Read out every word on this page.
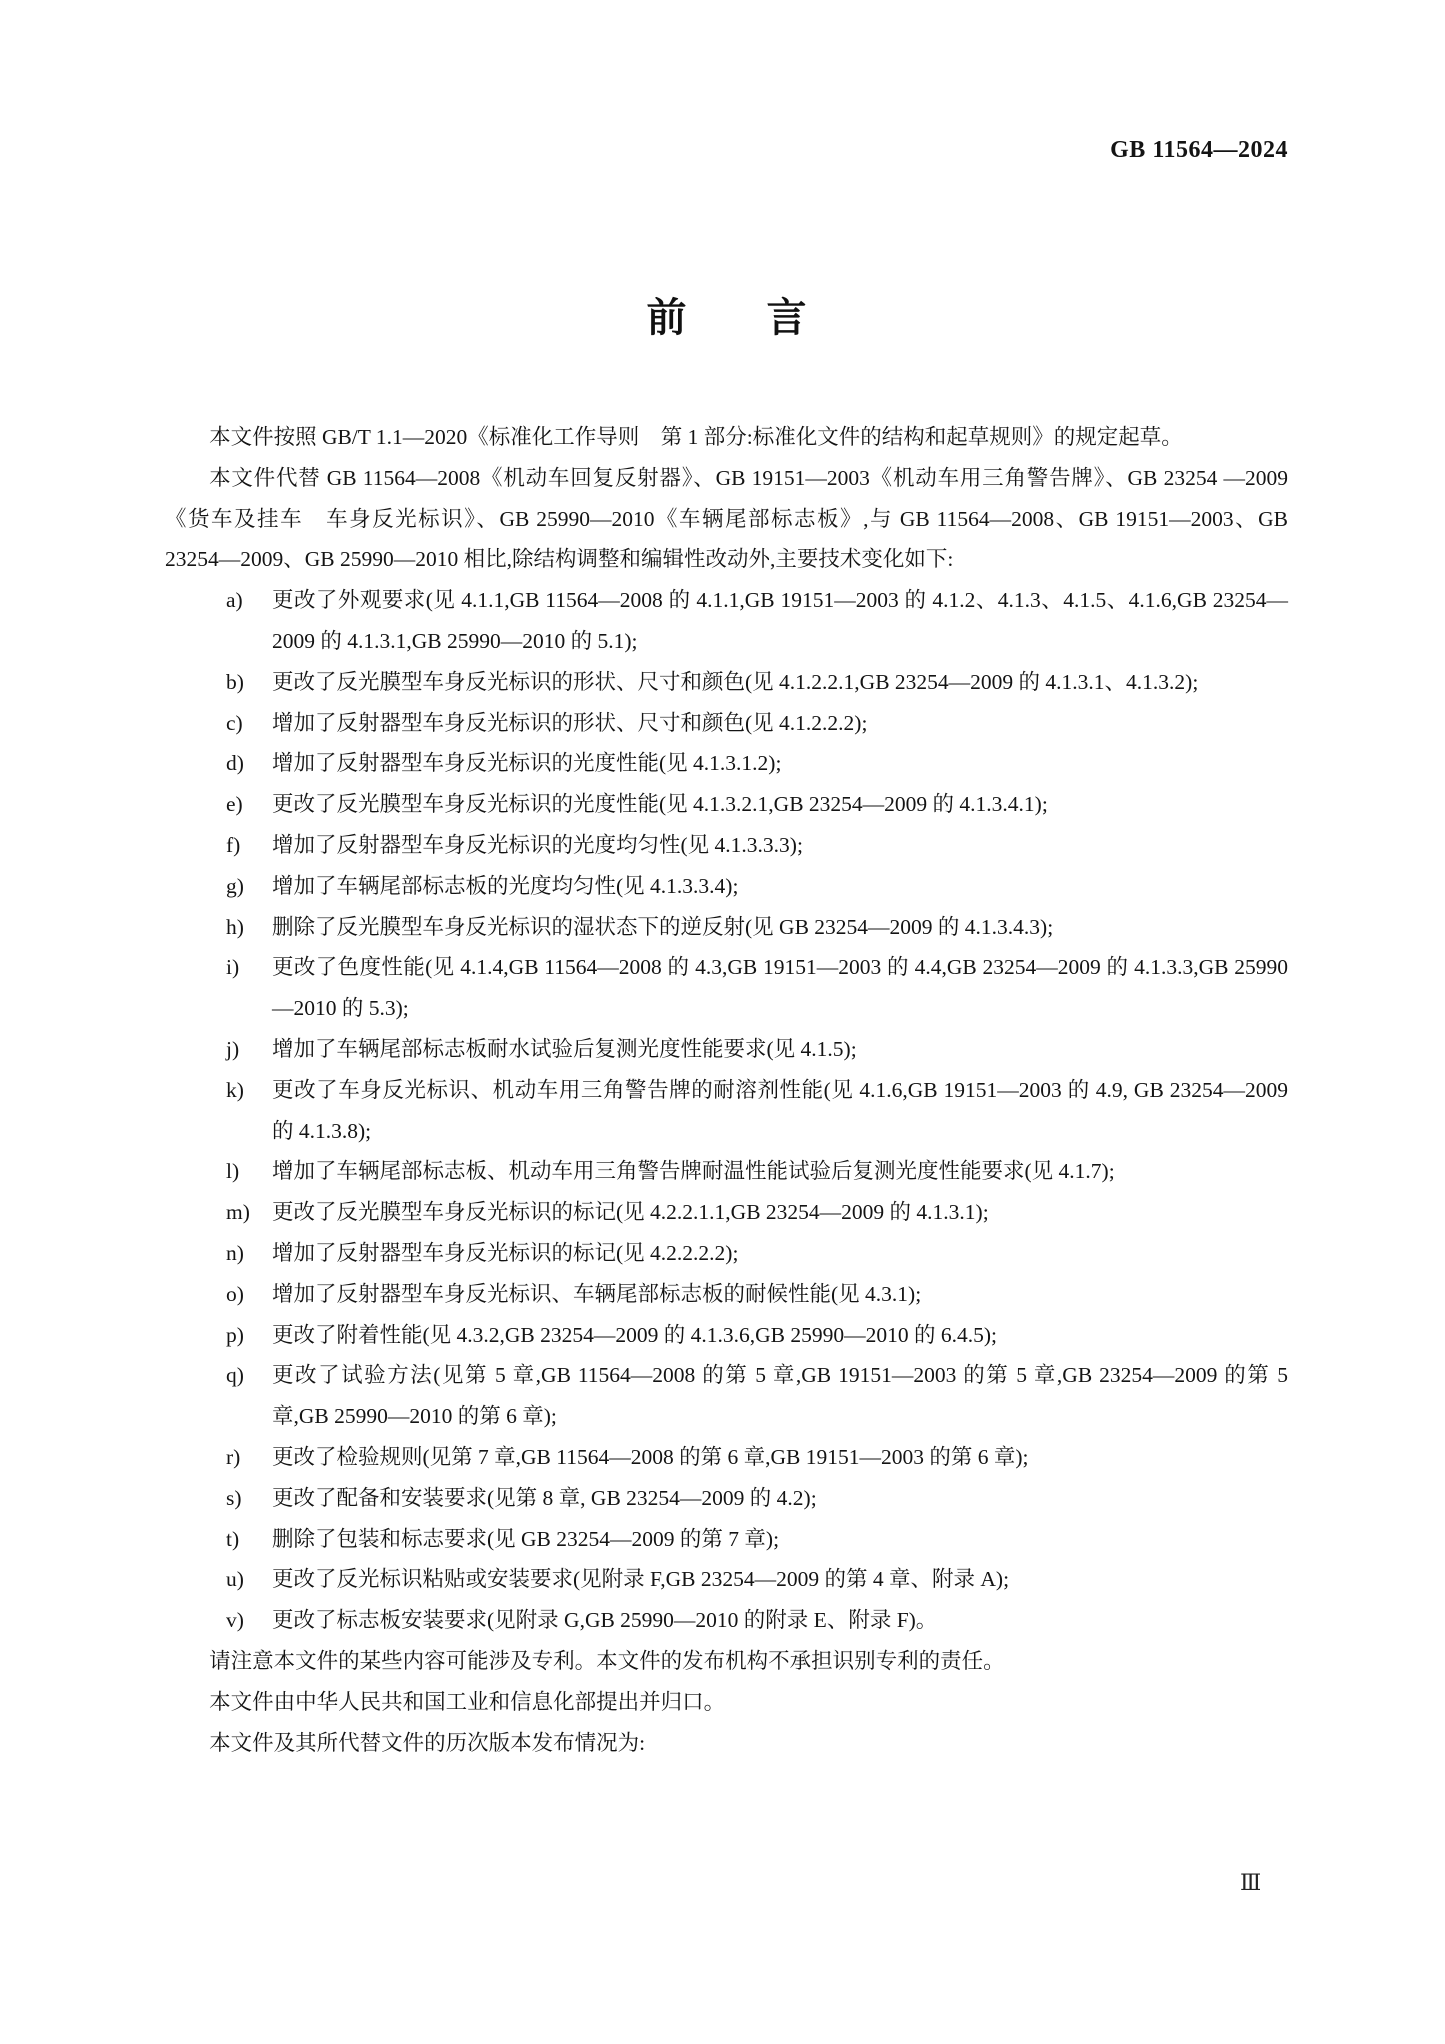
GB 11564—2024
前　　言

本文件按照 GB/T 1.1—2020《标准化工作导则　第 1 部分:标准化文件的结构和起草规则》的规定起草。

本文件代替 GB 11564—2008《机动车回复反射器》、GB 19151—2003《机动车用三角警告牌》、GB 23254 —2009《货车及挂车　车身反光标识》、GB 25990—2010《车辆尾部标志板》,与 GB 11564—2008、GB 19151—2003、GB 23254—2009、GB 25990—2010 相比,除结构调整和编辑性改动外,主要技术变化如下:

a) 更改了外观要求(见 4.1.1,GB 11564—2008 的 4.1.1,GB 19151—2003 的 4.1.2、4.1.3、4.1.5、4.1.6,GB 23254—2009 的 4.1.3.1,GB 25990—2010 的 5.1);
b) 更改了反光膜型车身反光标识的形状、尺寸和颜色(见 4.1.2.2.1,GB 23254—2009 的 4.1.3.1、4.1.3.2);
c) 增加了反射器型车身反光标识的形状、尺寸和颜色(见 4.1.2.2.2);
d) 增加了反射器型车身反光标识的光度性能(见 4.1.3.1.2);
e) 更改了反光膜型车身反光标识的光度性能(见 4.1.3.2.1,GB 23254—2009 的 4.1.3.4.1);
f) 增加了反射器型车身反光标识的光度均匀性(见 4.1.3.3.3);
g) 增加了车辆尾部标志板的光度均匀性(见 4.1.3.3.4);
h) 删除了反光膜型车身反光标识的湿状态下的逆反射(见 GB 23254—2009 的 4.1.3.4.3);
i) 更改了色度性能(见 4.1.4,GB 11564—2008 的 4.3,GB 19151—2003 的 4.4,GB 23254—2009 的 4.1.3.3,GB 25990—2010 的 5.3);
j) 增加了车辆尾部标志板耐水试验后复测光度性能要求(见 4.1.5);
k) 更改了车身反光标识、机动车用三角警告牌的耐溶剂性能(见 4.1.6,GB 19151—2003 的 4.9, GB 23254—2009 的 4.1.3.8);
l) 增加了车辆尾部标志板、机动车用三角警告牌耐温性能试验后复测光度性能要求(见 4.1.7);
m) 更改了反光膜型车身反光标识的标记(见 4.2.2.1.1,GB 23254—2009 的 4.1.3.1);
n) 增加了反射器型车身反光标识的标记(见 4.2.2.2.2);
o) 增加了反射器型车身反光标识、车辆尾部标志板的耐候性能(见 4.3.1);
p) 更改了附着性能(见 4.3.2,GB 23254—2009 的 4.1.3.6,GB 25990—2010 的 6.4.5);
q) 更改了试验方法(见第 5 章,GB 11564—2008 的第 5 章,GB 19151—2003 的第 5 章,GB 23254—2009 的第 5 章,GB 25990—2010 的第 6 章);
r) 更改了检验规则(见第 7 章,GB 11564—2008 的第 6 章,GB 19151—2003 的第 6 章);
s) 更改了配备和安装要求(见第 8 章, GB 23254—2009 的 4.2);
t) 删除了包装和标志要求(见 GB 23254—2009 的第 7 章);
u) 更改了反光标识粘贴或安装要求(见附录 F,GB 23254—2009 的第 4 章、附录 A);
v) 更改了标志板安装要求(见附录 G,GB 25990—2010 的附录 E、附录 F)。

请注意本文件的某些内容可能涉及专利。本文件的发布机构不承担识别专利的责任。

本文件由中华人民共和国工业和信息化部提出并归口。

本文件及其所代替文件的历次版本发布情况为:

Ⅲ
